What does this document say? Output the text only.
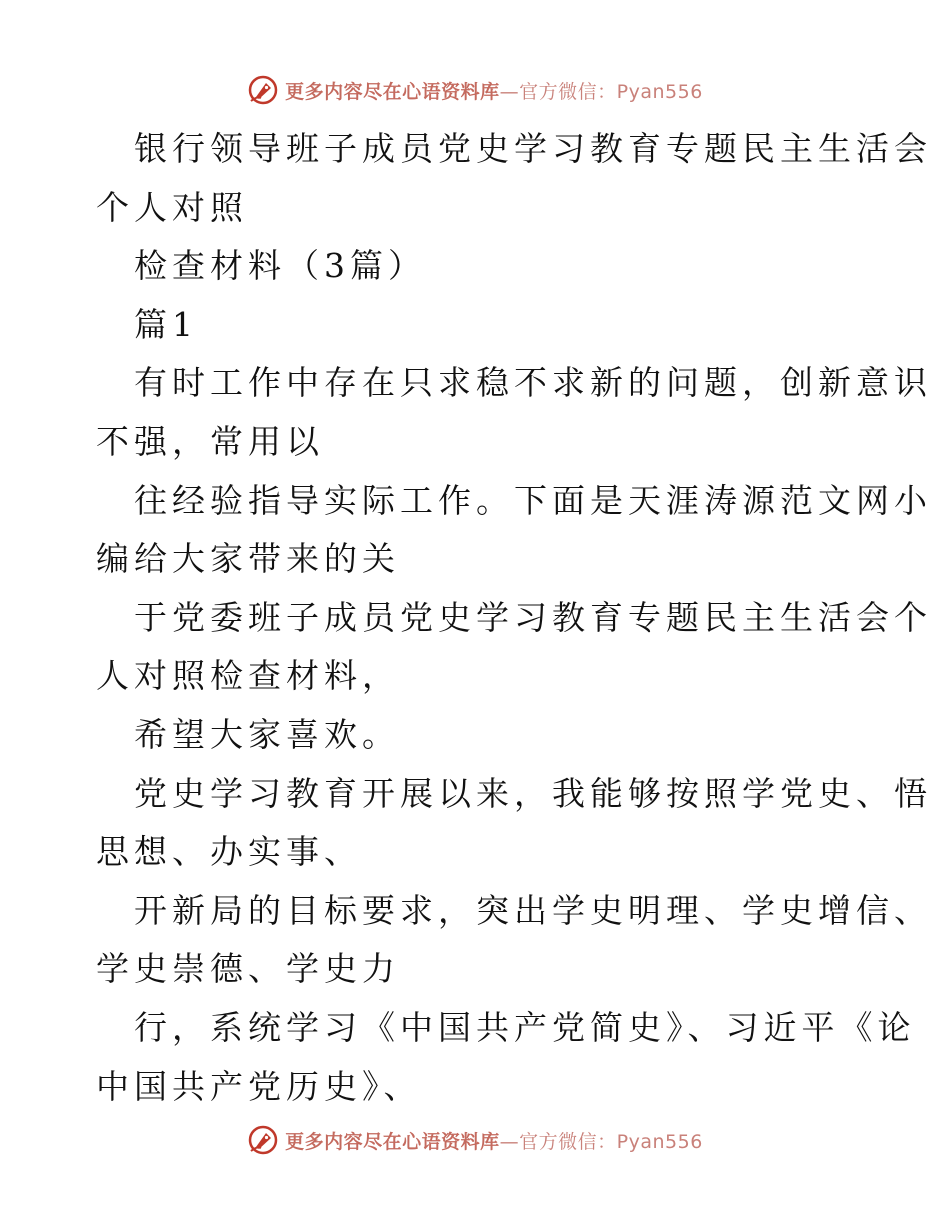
更多内容尽在心语资料库—官方微信：Pyan556
银行领导班子成员党史学习教育专题民主生活会
个人对照
检查材料（3篇）
篇1
有时工作中存在只求稳不求新的问题，创新意识
不强，常用以
往经验指导实际工作。下面是天涯涛源范文网小
编给大家带来的关
于党委班子成员党史学习教育专题民主生活会个
人对照检查材料，
希望大家喜欢。
党史学习教育开展以来，我能够按照学党史、悟
思想、办实事、
开新局的目标要求，突出学史明理、学史增信、
学史崇德、学史力
行，系统学习《中国共产党简史》、习近平《论
中国共产党历史》、
更多内容尽在心语资料库—官方微信：Pyan556
